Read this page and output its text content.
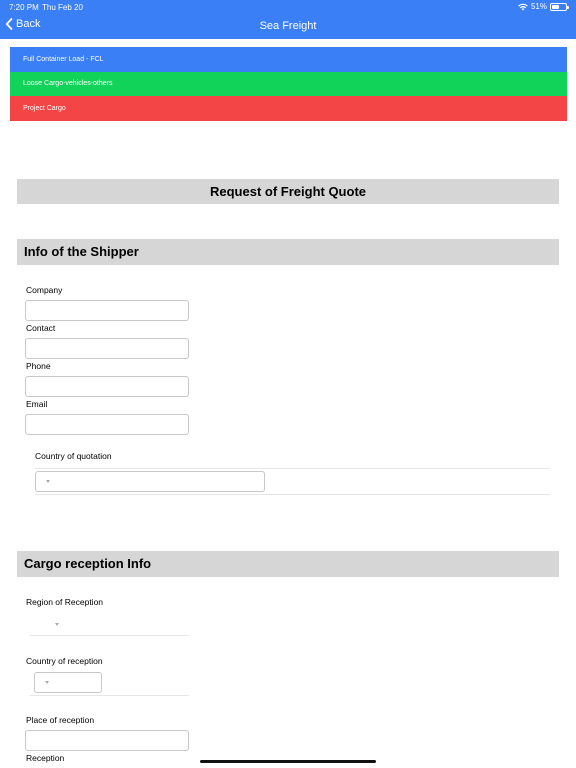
7:20 PM Thu Feb 20	51%
Back	Sea Freight
Full Container Load - FCL
Loose Cargo-vehicles-others
Project Cargo
Request of Freight Quote
Info of the Shipper
Company
Contact
Phone
Email
Country of quotation
Cargo reception Info
Region of Reception
Country of reception
Place of reception
Reception
